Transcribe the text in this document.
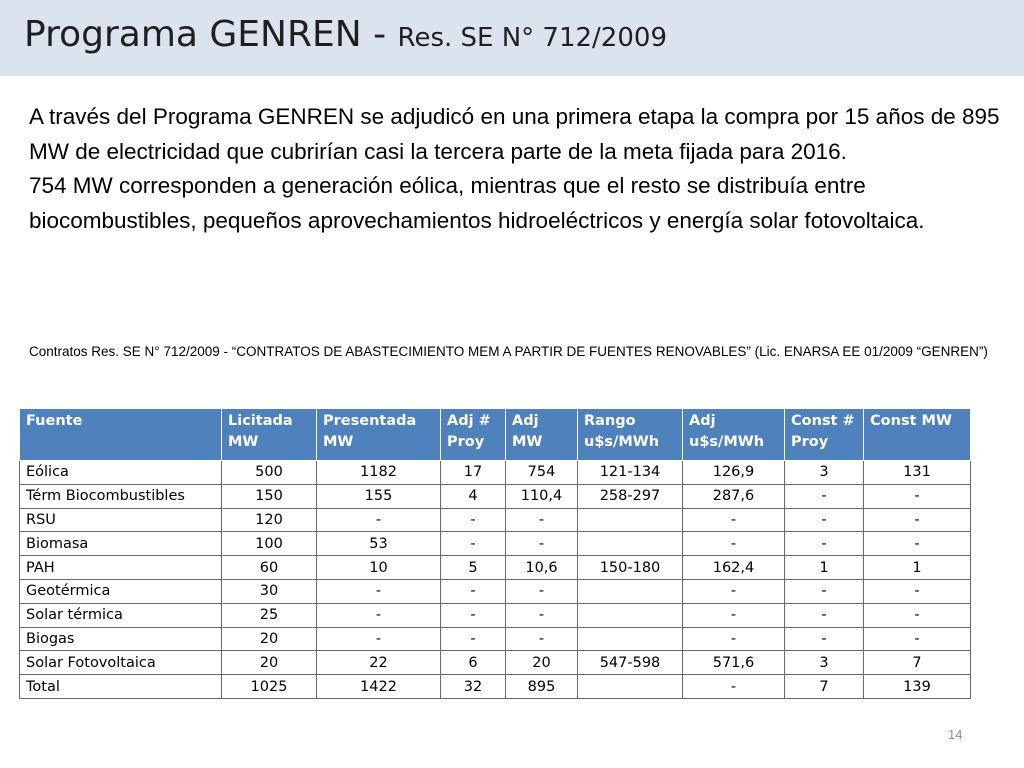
Programa GENREN - Res. SE N° 712/2009

A través del Programa GENREN se adjudicó en una primera etapa la compra por 15 años de 895 MW de electricidad que cubrirían casi la tercera parte de la meta fijada para 2016.

754 MW corresponden a generación eólica, mientras que el resto se distribuía entre biocombustibles, pequeños aprovechamientos hidroeléctricos y energía solar fotovoltaica.

Contratos Res. SE N° 712/2009 - “CONTRATOS DE ABASTECIMIENTO MEM A PARTIR DE FUENTES RENOVABLES” (Lic. ENARSA EE 01/2009 “GENREN”)

Fuente	Licitada MW	Presentada MW	Adj # Proy	Adj MW	Rango u$s/MWh	Adj u$s/MWh	Const # Proy	Const MW
Eólica	500	1182	17	754	121-134	126,9	3	131
Térm Biocombustibles	150	155	4	110,4	258-297	287,6	-	-
RSU	120	-	-	-		-	-	-
Biomasa	100	53	-	-		-	-	-
PAH	60	10	5	10,6	150-180	162,4	1	1
Geotérmica	30	-	-	-		-	-	-
Solar térmica	25	-	-	-		-	-	-
Biogas	20	-	-	-		-	-	-
Solar Fotovoltaica	20	22	6	20	547-598	571,6	3	7
Total	1025	1422	32	895		-	7	139
14
